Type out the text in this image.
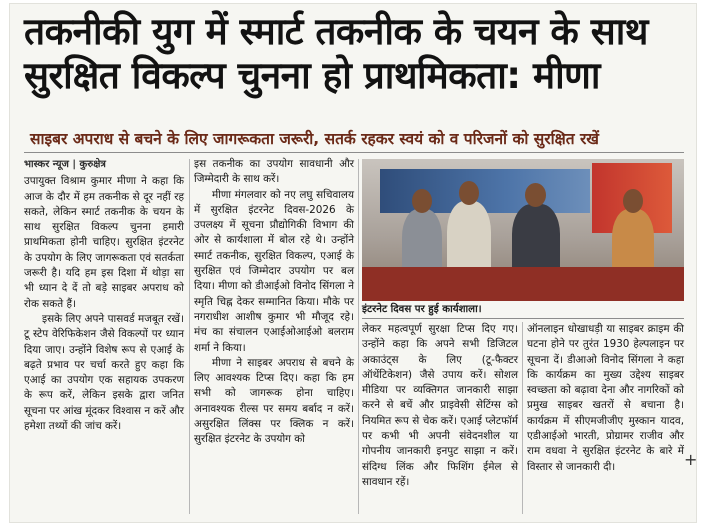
तकनीकी युग में स्मार्ट तकनीक के चयन के साथ सुरक्षित विकल्प चुनना हो प्राथमिकता: मीणा
साइबर अपराध से बचने के लिए जागरूकता जरूरी, सतर्क रहकर स्वयं को व परिजनों को सुरक्षित रखें
भास्कर न्यूज | कुरुक्षेत्र

उपायुक्त विश्राम कुमार मीणा ने कहा कि आज के दौर में हम तकनीक से दूर नहीं रह सकते, लेकिन स्मार्ट तकनीक के चयन के साथ सुरक्षित विकल्प चुनना हमारी प्राथमिकता होनी चाहिए। सुरक्षित इंटरनेट के उपयोग के लिए जागरूकता एवं सतर्कता जरूरी है। यदि हम इस दिशा में थोड़ा सा भी ध्यान दे दें तो बड़े साइबर अपराध को रोक सकते हैं।

इसके लिए अपने पासवर्ड मजबूत रखें। टू स्टेप वेरिफिकेशन जैसे विकल्पों पर ध्यान दिया जाए। उन्होंने विशेष रूप से एआई के बढ़ते प्रभाव पर चर्चा करते हुए कहा कि एआई का उपयोग एक सहायक उपकरण के रूप करें, लेकिन इसके द्वारा जनित सूचना पर आंख मूंदकर विश्वास न करें और हमेशा तथ्यों की जांच करें।

इस तकनीक का उपयोग सावधानी और जिम्मेदारी के साथ करें।

मीणा मंगलवार को नए लघु सचिवालय में सुरक्षित इंटरनेट दिवस-2026 के उपलक्ष्य में सूचना प्रौद्योगिकी विभाग की ओर से कार्यशाला में बोल रहे थे। उन्होंने स्मार्ट तकनीक, सुरक्षित विकल्प, एआई के सुरक्षित एवं जिम्मेदार उपयोग पर बल दिया। मीणा को डीआईओ विनोद सिंगला ने स्मृति चिह्न देकर सम्मानित किया। मौके पर नगराधीश आशीष कुमार भी मौजूद रहे। मंच का संचालन एआईओआईओ बलराम शर्मा ने किया।

मीणा ने साइबर अपराध से बचने के लिए आवश्यक टिप्स दिए। कहा कि हम सभी को जागरूक होना चाहिए। अनावश्यक रील्स पर समय बर्बाद न करें। असुरक्षित लिंक्स पर क्लिक न करें। सुरक्षित इंटरनेट के उपयोग को

इंटरनेट दिवस पर हुई कार्यशाला।

लेकर महत्वपूर्ण सुरक्षा टिप्स दिए गए। उन्होंने कहा कि अपने सभी डिजिटल अकाउंट्स के लिए (टू-फैक्टर ऑथेंटिकेशन) जैसे उपाय करें। सोशल मीडिया पर व्यक्तिगत जानकारी साझा करने से बचें और प्राइवेसी सेटिंग्स को नियमित रूप से चेक करें। एआई प्लेटफॉर्म पर कभी भी अपनी संवेदनशील या गोपनीय जानकारी इनपुट साझा न करें। संदिग्ध लिंक और फिशिंग ईमेल से सावधान रहें।

ऑनलाइन धोखाधड़ी या साइबर क्राइम की घटना होने पर तुरंत 1930 हेल्पलाइन पर सूचना दें। डीआओ विनोद सिंगला ने कहा कि कार्यक्रम का मुख्य उद्देश्य साइबर स्वच्छता को बढ़ावा देना और नागरिकों को प्रमुख साइबर खतरों से बचाना है। कार्यक्रम में सीएमजीजीए मुस्कान यादव, एडीआईओ भारती, प्रोग्रामर राजीव और राम वधवा ने सुरक्षित इंटरनेट के बारे में विस्तार से जानकारी दी।	+
